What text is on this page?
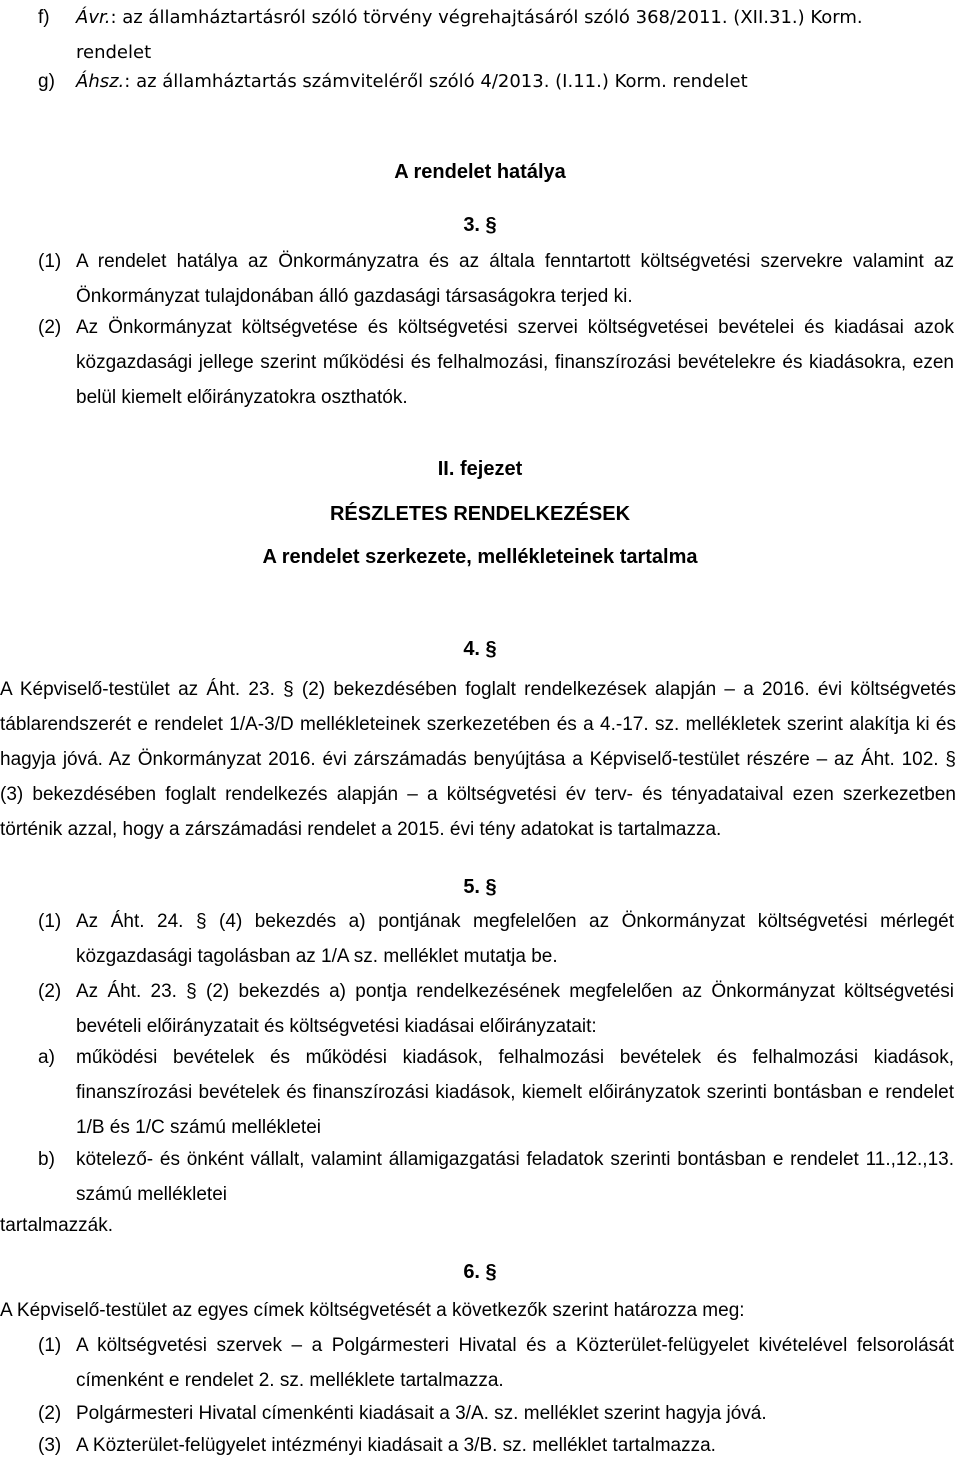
f) Ávr.: az államháztartásról szóló törvény végrehajtásáról szóló 368/2011. (XII.31.) Korm. rendelet
g) Áhsz.: az államháztartás számviteléről szóló 4/2013. (I.11.) Korm. rendelet
A rendelet hatálya
3. §
(1) A rendelet hatálya az Önkormányzatra és az általa fenntartott költségvetési szervekre valamint az Önkormányzat tulajdonában álló gazdasági társaságokra terjed ki.
(2) Az Önkormányzat költségvetése és költségvetési szervei költségvetései bevételei és kiadásai azok közgazdasági jellege szerint működési és felhalmozási, finanszírozási bevételekre és kiadásokra, ezen belül kiemelt előirányzatokra oszthatók.
II. fejezet
RÉSZLETES RENDELKEZÉSEK
A rendelet szerkezete, mellékleteinek tartalma
4. §
A Képviselő-testület az Áht. 23. § (2) bekezdésében foglalt rendelkezések alapján – a 2016. évi költségvetés táblarendszerét e rendelet 1/A-3/D mellékleteinek szerkezetében és a 4.-17. sz. mellékletek szerint alakítja ki és hagyja jóvá. Az Önkormányzat 2016. évi zárszámadás benyújtása a Képviselő-testület részére – az Áht. 102. § (3) bekezdésében foglalt rendelkezés alapján – a költségvetési év terv- és tényadataival ezen szerkezetben történik azzal, hogy a zárszámadási rendelet a 2015. évi tény adatokat is tartalmazza.
5. §
(1) Az Áht. 24. § (4) bekezdés a) pontjának megfelelően az Önkormányzat költségvetési mérlegét közgazdasági tagolásban az 1/A sz. melléklet mutatja be.
(2) Az Áht. 23. § (2) bekezdés a) pontja rendelkezésének megfelelően az Önkormányzat költségvetési bevételi előirányzatait és költségvetési kiadásai előirányzatait:
a) működési bevételek és működési kiadások, felhalmozási bevételek és felhalmozási kiadások, finanszírozási bevételek és finanszírozási kiadások, kiemelt előirányzatok szerinti bontásban e rendelet 1/B és 1/C számú mellékletei
b) kötelező- és önként vállalt, valamint államigazgatási feladatok szerinti bontásban e rendelet 11.,12.,13. számú mellékletei
tartalmazzák.
6. §
A Képviselő-testület az egyes címek költségvetését a következők szerint határozza meg:
(1) A költségvetési szervek – a Polgármesteri Hivatal és a Közterület-felügyelet kivételével felsorolását címenként e rendelet 2. sz. melléklete tartalmazza.
(2) Polgármesteri Hivatal címenkénti kiadásait a 3/A. sz. melléklet szerint hagyja jóvá.
(3) A Közterület-felügyelet intézményi kiadásait a 3/B. sz. melléklet tartalmazza.
